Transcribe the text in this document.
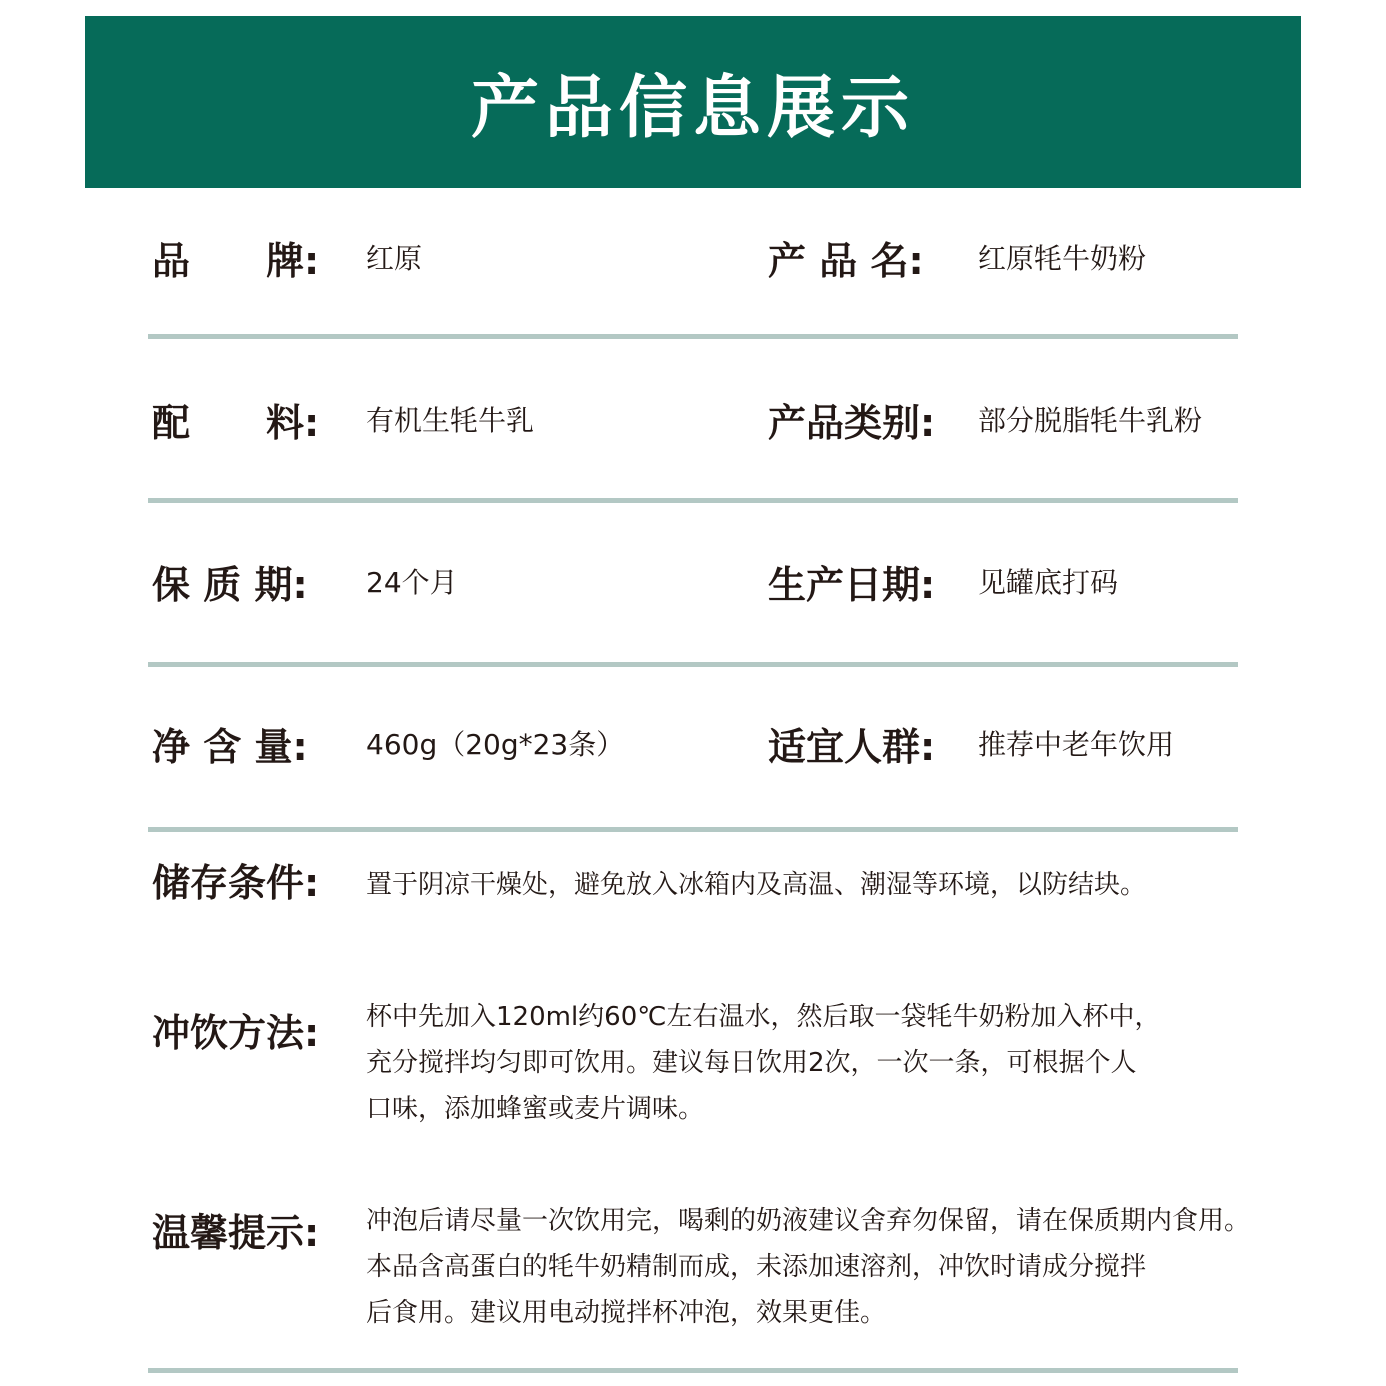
产品信息展示
品　　牌: 红原	产 品 名: 红原牦牛奶粉
配　　料: 有机生牦牛乳	产品类别: 部分脱脂牦牛乳粉
保 质 期: 24个月	生产日期: 见罐底打码
净 含 量: 460g（20g*23条）	适宜人群: 推荐中老年饮用
储存条件: 置于阴凉干燥处，避免放入冰箱内及高温、潮湿等环境，以防结块。
冲饮方法: 杯中先加入120ml约60℃左右温水，然后取一袋牦牛奶粉加入杯中，
充分搅拌均匀即可饮用。建议每日饮用2次，一次一条，可根据个人
口味，添加蜂蜜或麦片调味。
温馨提示: 冲泡后请尽量一次饮用完，喝剩的奶液建议舍弃勿保留，请在保质期内食用。
本品含高蛋白的牦牛奶精制而成，未添加速溶剂，冲饮时请成分搅拌
后食用。建议用电动搅拌杯冲泡，效果更佳。
